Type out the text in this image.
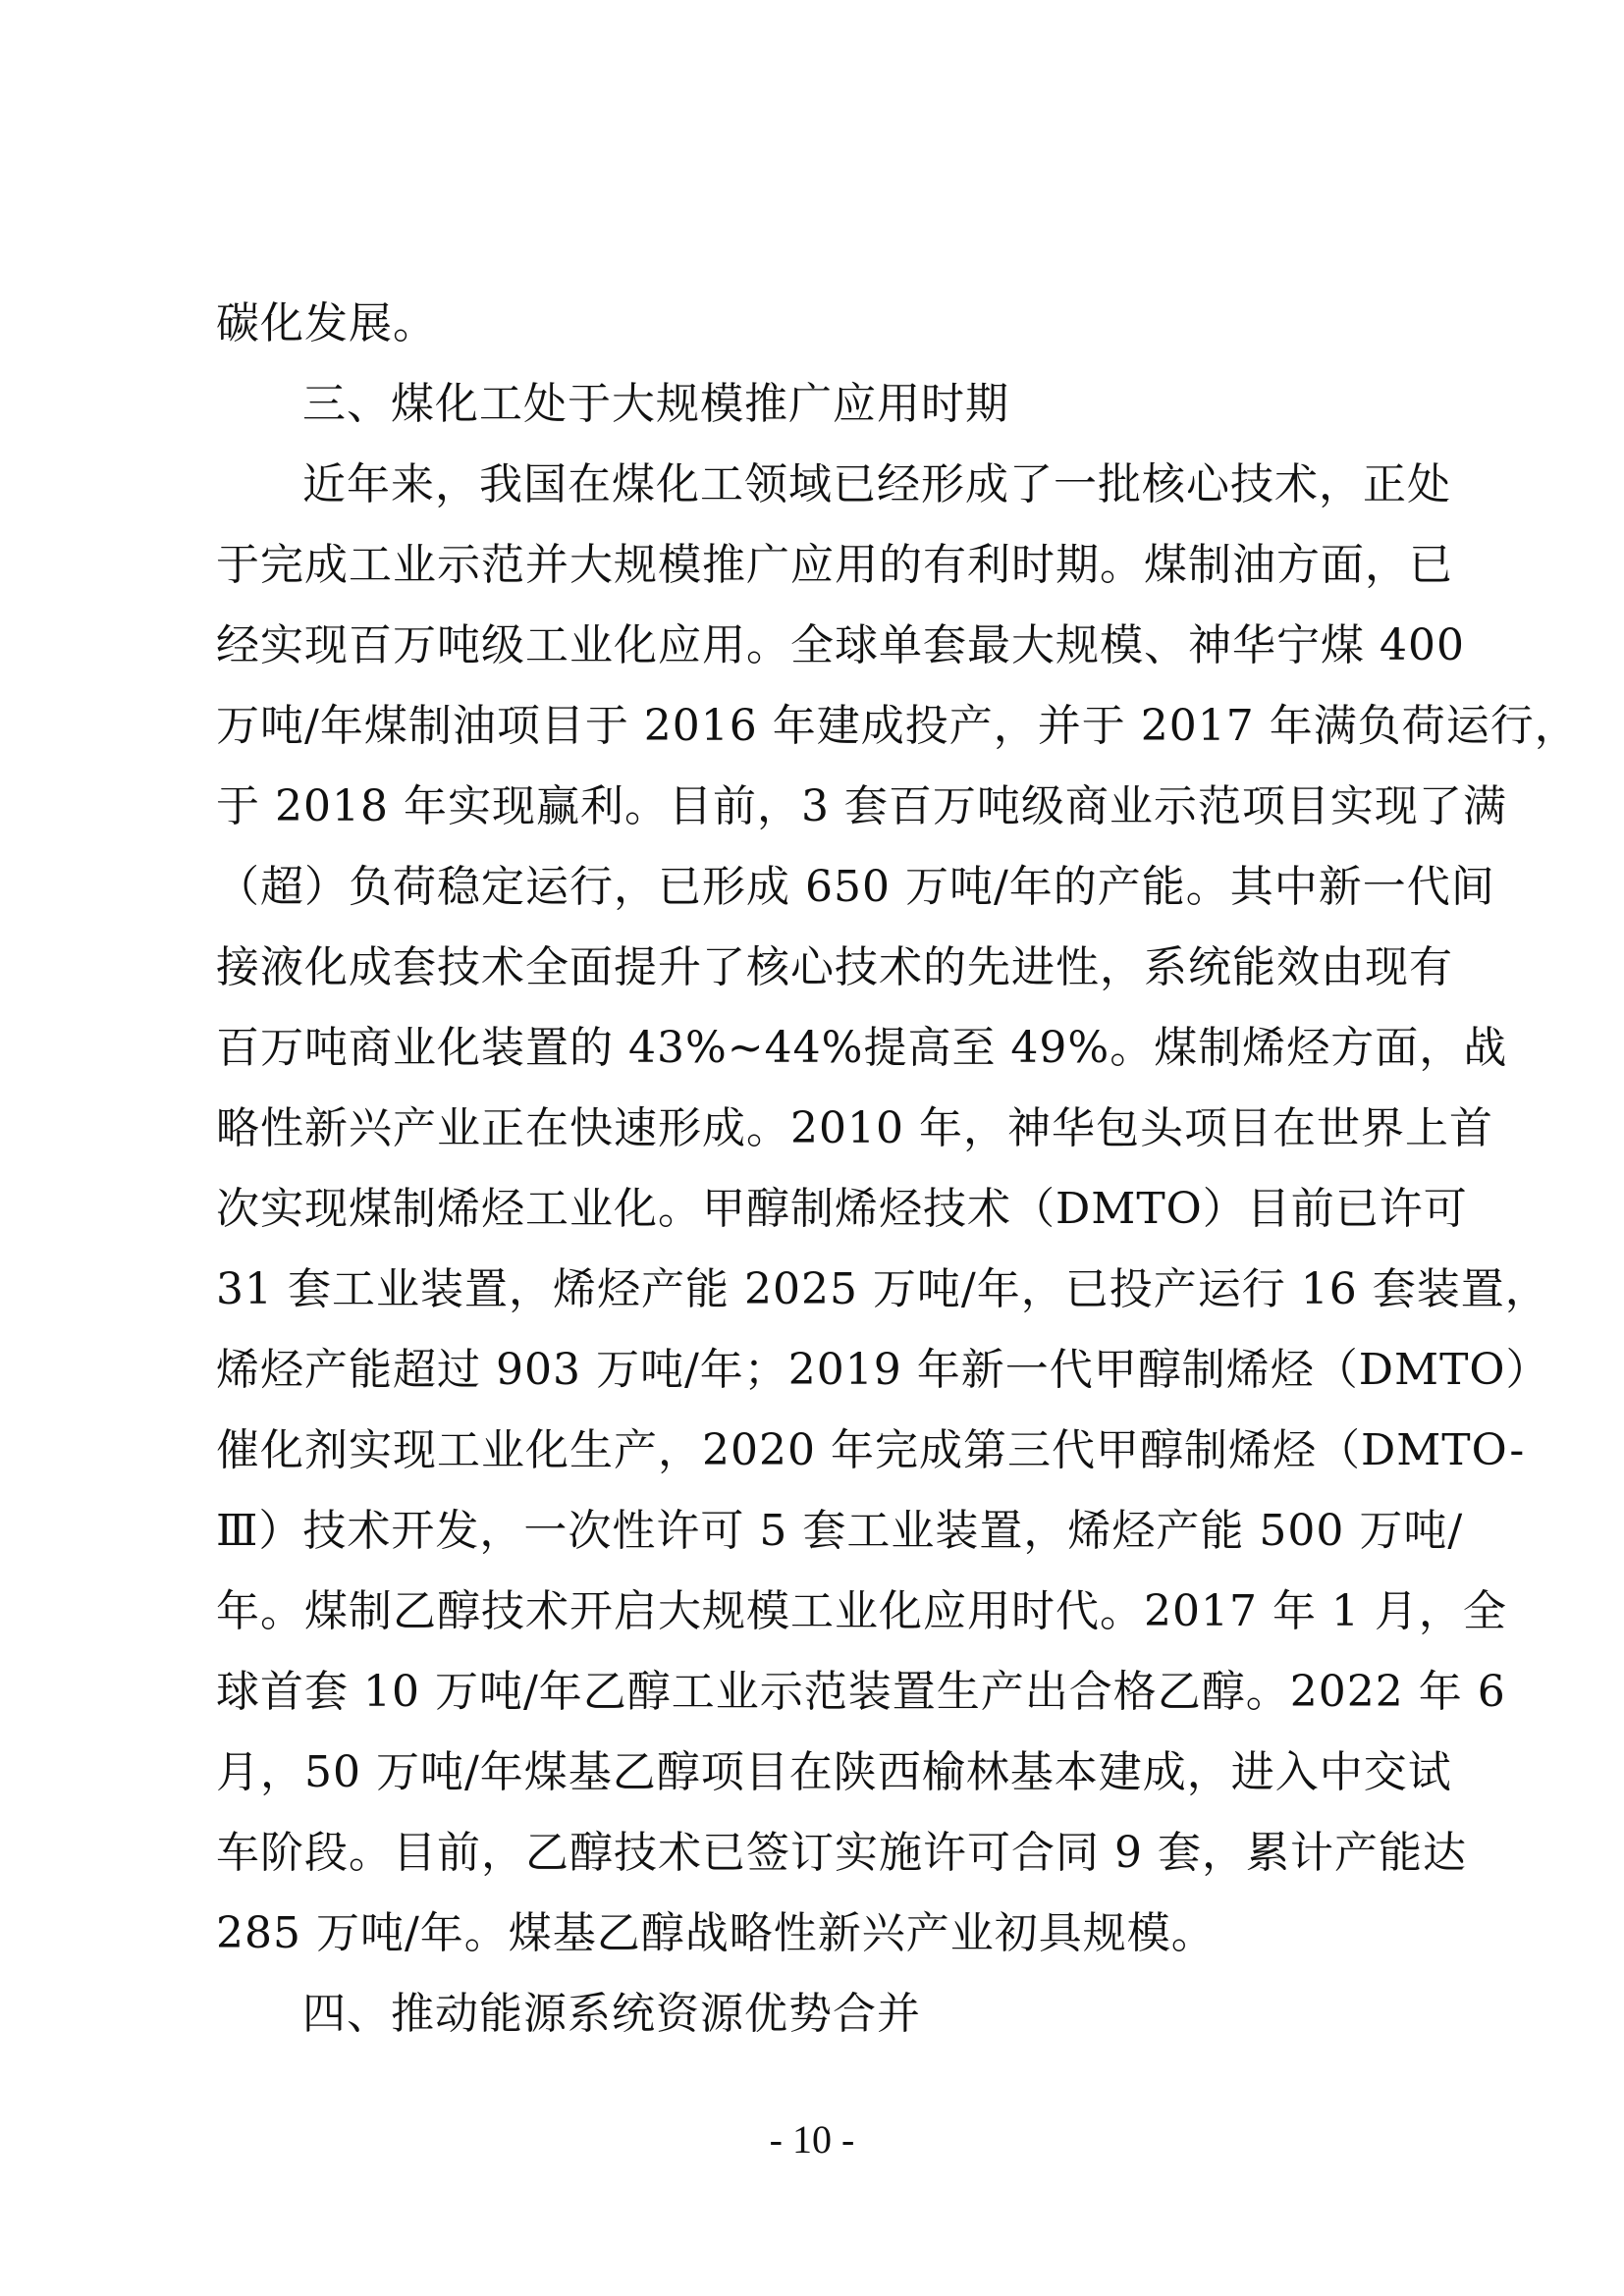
碳化发展。
三、煤化工处于大规模推广应用时期
近年来，我国在煤化工领域已经形成了一批核心技术，正处
于完成工业示范并大规模推广应用的有利时期。煤制油方面，已
经实现百万吨级工业化应用。全球单套最大规模、神华宁煤 400
万吨/年煤制油项目于 2016 年建成投产，并于 2017 年满负荷运行，
于 2018 年实现赢利。目前，3 套百万吨级商业示范项目实现了满
（超）负荷稳定运行，已形成 650 万吨/年的产能。其中新一代间
接液化成套技术全面提升了核心技术的先进性，系统能效由现有
百万吨商业化装置的 43%~44%提高至 49%。煤制烯烃方面，战
略性新兴产业正在快速形成。2010 年，神华包头项目在世界上首
次实现煤制烯烃工业化。甲醇制烯烃技术（DMTO）目前已许可
31 套工业装置，烯烃产能 2025 万吨/年，已投产运行 16 套装置，
烯烃产能超过 903 万吨/年；2019 年新一代甲醇制烯烃（DMTO）
催化剂实现工业化生产，2020 年完成第三代甲醇制烯烃（DMTO-
Ⅲ）技术开发，一次性许可 5 套工业装置，烯烃产能 500 万吨/
年。煤制乙醇技术开启大规模工业化应用时代。2017 年 1 月，全
球首套 10 万吨/年乙醇工业示范装置生产出合格乙醇。2022 年 6
月，50 万吨/年煤基乙醇项目在陕西榆林基本建成，进入中交试
车阶段。目前，乙醇技术已签订实施许可合同 9 套，累计产能达
285 万吨/年。煤基乙醇战略性新兴产业初具规模。
四、推动能源系统资源优势合并
- 10 -
